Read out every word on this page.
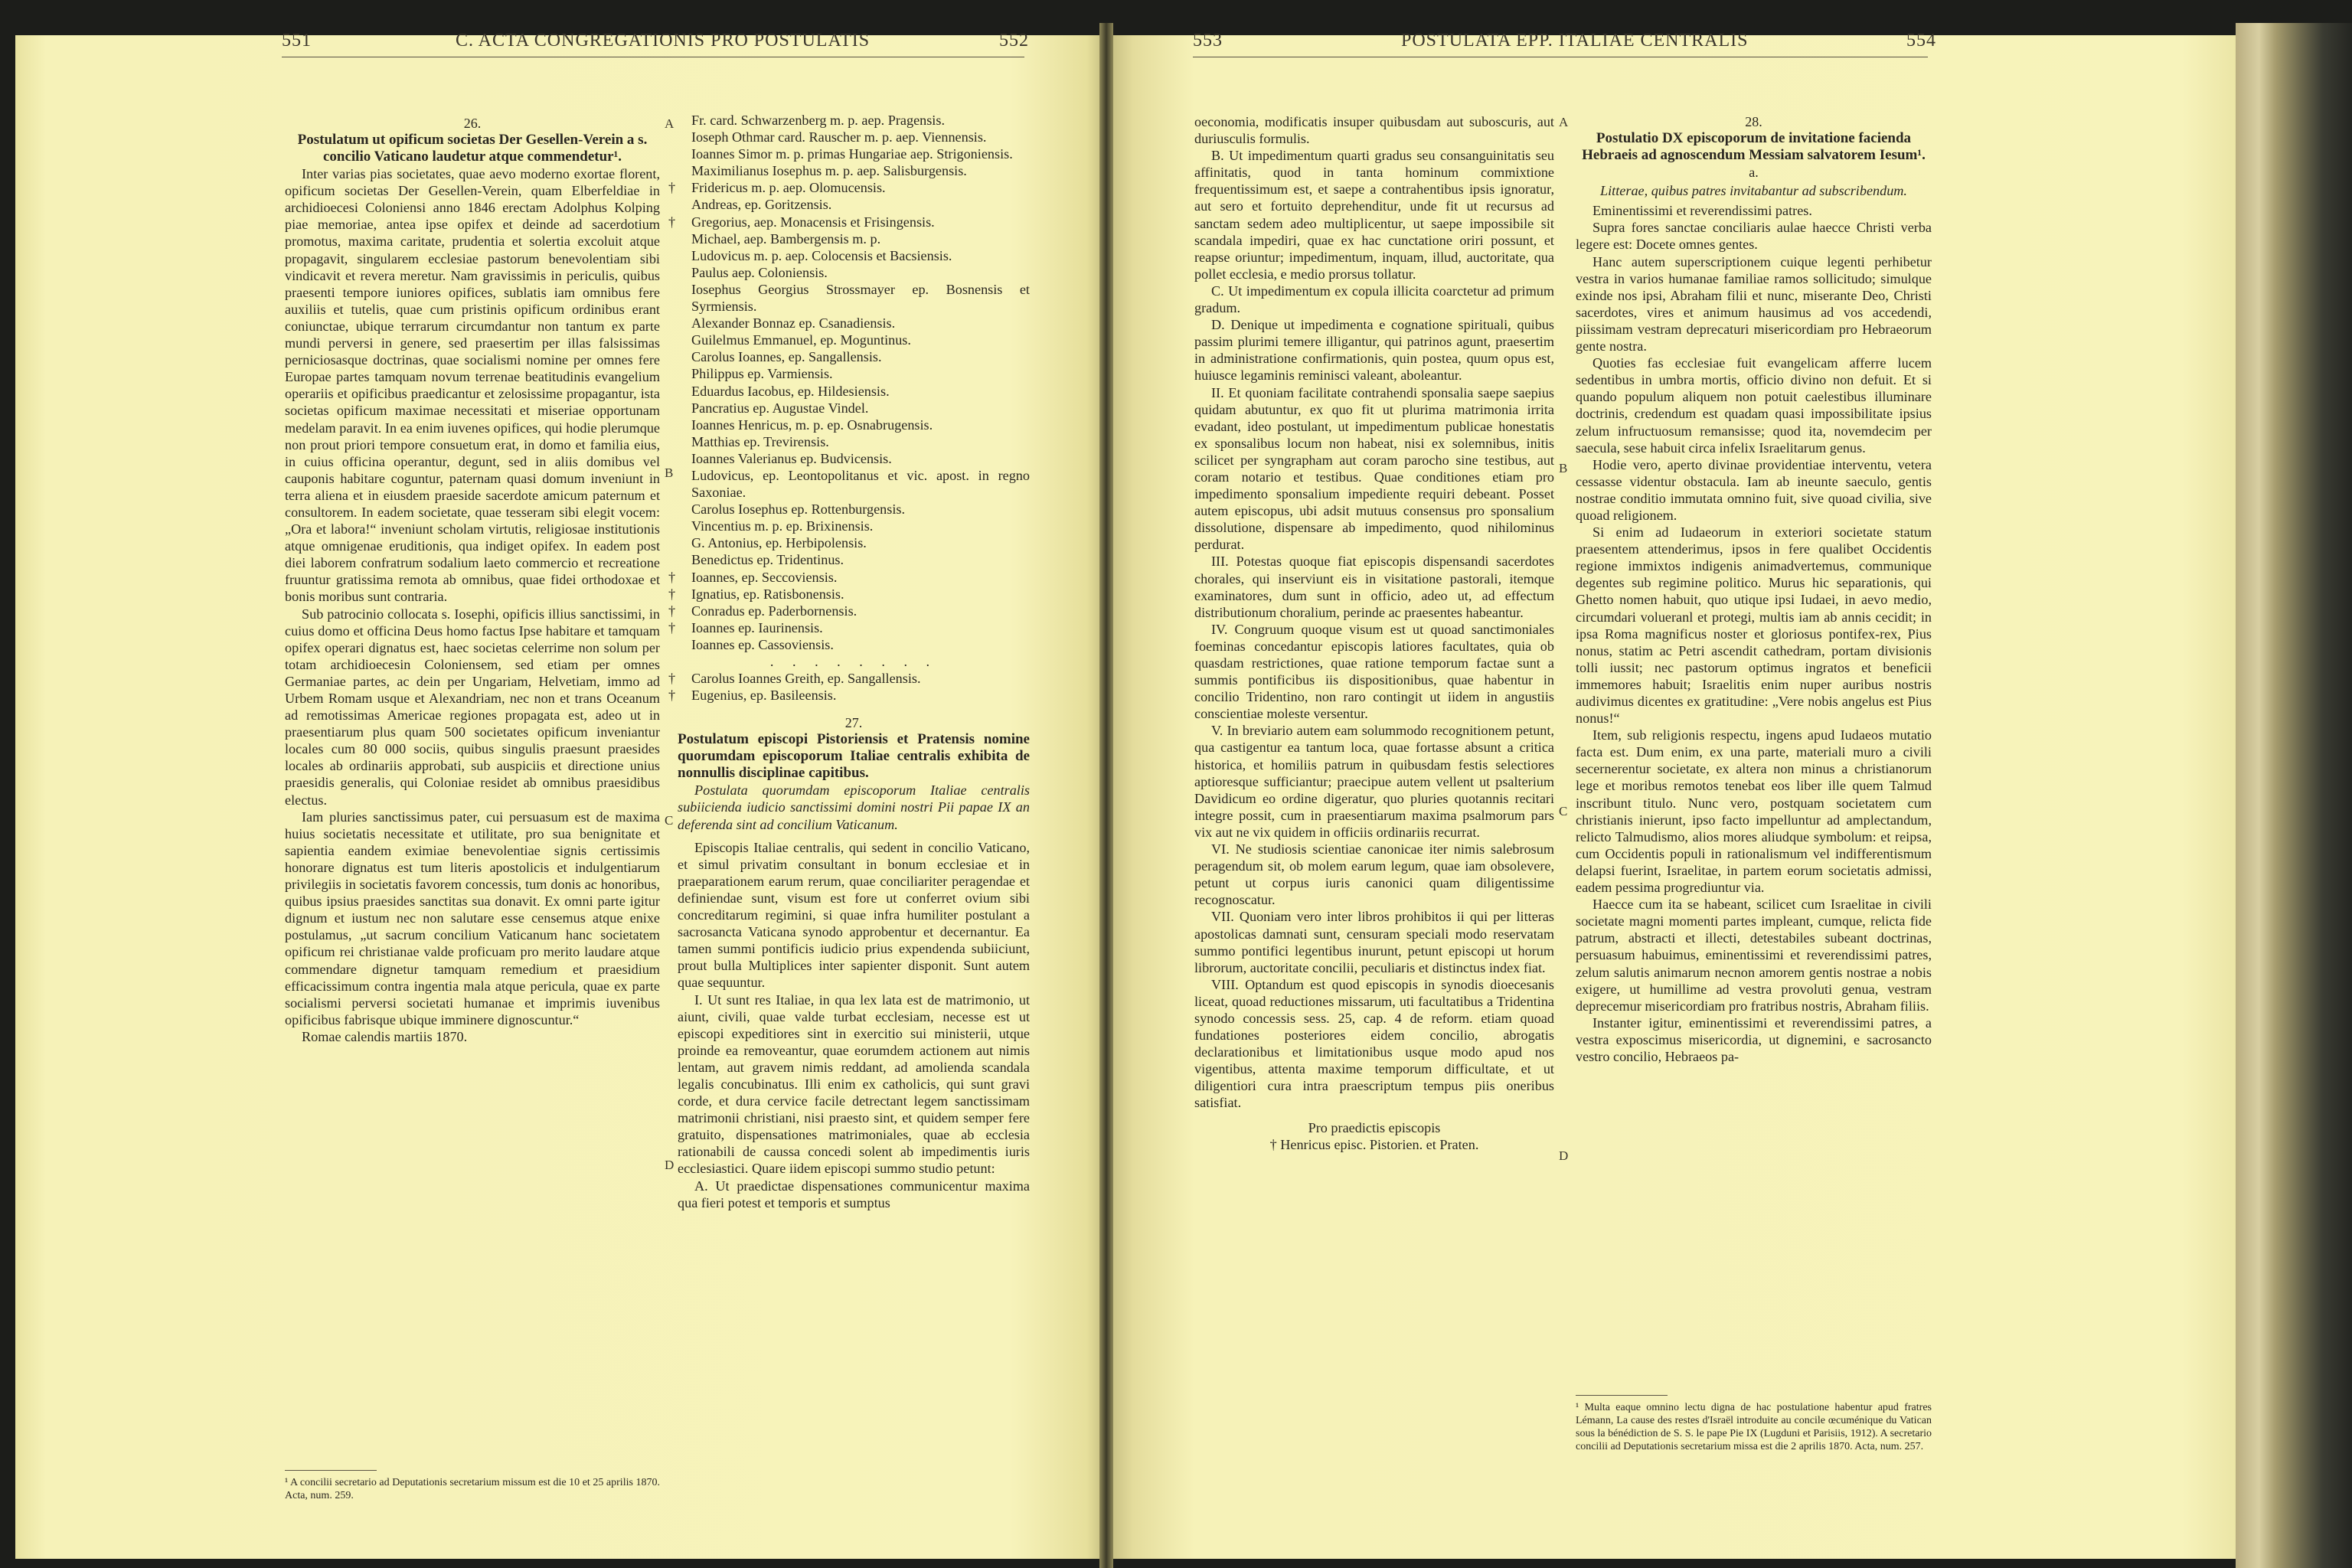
551	C. ACTA CONGREGATIONIS PRO POSTULATIS	552

26.

Postulatum ut opificum societas Der Gesellen-Verein a s. concilio Vaticano laudetur atque commendetur¹.

Inter varias pias societates, quae aevo moderno exortae florent, opificum societas Der Gesellen-Verein, quam Elberfeldiae in archidioecesi Coloniensi anno 1846 erectam Adolphus Kolping piae memoriae, antea ipse opifex et deinde ad sacerdotium promotus, maxima caritate, prudentia et solertia excoluit atque propagavit, singularem ecclesiae pastorum benevolentiam sibi vindicavit et revera meretur. Nam gravissimis in periculis, quibus praesenti tempore iuniores opifices, sublatis iam omnibus fere auxiliis et tutelis, quae cum pristinis opificum ordinibus erant coniunctae, ubique terrarum circumdantur non tantum ex parte mundi perversi in genere, sed praesertim per illas falsissimas perniciosasque doctrinas, quae socialismi nomine per omnes fere Europae partes tamquam novum terrenae beatitudinis evangelium operariis et opificibus praedicantur et zelosissime propagantur, ista societas opificum maximae necessitati et miseriae opportunam medelam paravit. In ea enim iuvenes opifices, qui hodie plerumque non prout priori tempore consuetum erat, in domo et familia eius, in cuius officina operantur, degunt, sed in aliis domibus vel cauponis habitare coguntur, paternam quasi domum inveniunt in terra aliena et in eiusdem praeside sacerdote amicum paternum et consultorem. In eadem societate, quae tesseram sibi elegit vocem: „Ora et labora!“ inveniunt scholam virtutis, religiosae institutionis atque omnigenae eruditionis, qua indiget opifex. In eadem post diei laborem confratrum sodalium laeto commercio et recreatione fruuntur gratissima remota ab omnibus, quae fidei orthodoxae et bonis moribus sunt contraria.

Sub patrocinio collocata s. Iosephi, opificis illius sanctissimi, in cuius domo et officina Deus homo factus Ipse habitare et tamquam opifex operari dignatus est, haec societas celerrime non solum per totam archidioecesin Coloniensem, sed etiam per omnes Germaniae partes, ac dein per Ungariam, Helvetiam, immo ad Urbem Romam usque et Alexandriam, nec non et trans Oceanum ad remotissimas Americae regiones propagata est, adeo ut in praesentiarum plus quam 500 societates opificum inveniantur locales cum 80 000 sociis, quibus singulis praesunt praesides locales ab ordinariis approbati, sub auspiciis et directione unius praesidis generalis, qui Coloniae residet ab omnibus praesidibus electus.

Iam pluries sanctissimus pater, cui persuasum est de maxima huius societatis necessitate et utilitate, pro sua benignitate et sapientia eandem eximiae benevolentiae signis certissimis honorare dignatus est tum literis apostolicis et indulgentiarum privilegiis in societatis favorem concessis, tum donis ac honoribus, quibus ipsius praesides sanctitas sua donavit. Ex omni parte igitur dignum et iustum nec non salutare esse censemus atque enixe postulamus, „ut sacrum concilium Vaticanum hanc societatem opificum rei christianae valde proficuam pro merito laudare atque commendare dignetur tamquam remedium et praesidium efficacissimum contra ingentia mala atque pericula, quae ex parte socialismi perversi societati humanae et imprimis iuvenibus opificibus fabrisque ubique imminere dignoscuntur.“

Romae calendis martiis 1870.

¹ A concilii secretario ad Deputationis secretarium missum est die 10 et 25 aprilis 1870. Acta, num. 259.

Fr. card. Schwarzenberg m. p. aep. Pragensis.

Ioseph Othmar card. Rauscher m. p. aep. Viennensis.

Ioannes Simor m. p. primas Hungariae aep. Strigoniensis.

Maximilianus Iosephus m. p. aep. Salisburgensis.

† Fridericus m. p. aep. Olomucensis.

Andreas, ep. Goritzensis.

† Gregorius, aep. Monacensis et Frisingensis.

Michael, aep. Bambergensis m. p.

Ludovicus m. p. aep. Colocensis et Bacsiensis.

Paulus aep. Coloniensis.

Iosephus Georgius Strossmayer ep. Bosnensis et Syrmiensis.

Alexander Bonnaz ep. Csanadiensis.

Guilelmus Emmanuel, ep. Moguntinus.

Carolus Ioannes, ep. Sangallensis.

Philippus ep. Varmiensis.

Eduardus Iacobus, ep. Hildesiensis.

Pancratius ep. Augustae Vindel.

Ioannes Henricus, m. p. ep. Osnabrugensis.

Matthias ep. Trevirensis.

Ioannes Valerianus ep. Budvicensis.

Ludovicus, ep. Leontopolitanus et vic. apost. in regno Saxoniae.

Carolus Iosephus ep. Rottenburgensis.

Vincentius m. p. ep. Brixinensis.

G. Antonius, ep. Herbipolensis.

Benedictus ep. Tridentinus.

† Ioannes, ep. Seccoviensis.

† Ignatius, ep. Ratisbonensis.

† Conradus ep. Paderbornensis.

† Ioannes ep. Iaurinensis.

Ioannes ep. Cassoviensis.

. . . . . . . .

† Carolus Ioannes Greith, ep. Sangallensis.

† Eugenius, ep. Basileensis.

27.

Postulatum episcopi Pistoriensis et Pratensis nomine quorumdam episcoporum Italiae centralis exhibita de nonnullis disciplinae capitibus.

Postulata quorumdam episcoporum Italiae centralis subiicienda iudicio sanctissimi domini nostri Pii papae IX an deferenda sint ad concilium Vaticanum.

Episcopis Italiae centralis, qui sedent in concilio Vaticano, et simul privatim consultant in bonum ecclesiae et in praeparationem earum rerum, quae conciliariter peragendae et definiendae sunt, visum est fore ut conferret ovium sibi concreditarum regimini, si quae infra humiliter postulant a sacrosancta Vaticana synodo approbentur et decernantur. Ea tamen summi pontificis iudicio prius expendenda subiiciunt, prout bulla Multiplices inter sapienter disponit. Sunt autem quae sequuntur.

I. Ut sunt res Italiae, in qua lex lata est de matrimonio, ut aiunt, civili, quae valde turbat ecclesiam, necesse est ut episcopi expeditiores sint in exercitio sui ministerii, utque proinde ea removeantur, quae eorumdem actionem aut nimis lentam, aut gravem nimis reddant, ad amolienda scandala legalis concubinatus. Illi enim ex catholicis, qui sunt gravi corde, et dura cervice facile detrectant legem sanctissimam matrimonii christiani, nisi praesto sint, et quidem semper fere gratuito, dispensationes matrimoniales, quae ab ecclesia rationabili de caussa concedi solent ab impedimentis iuris ecclesiastici. Quare iidem episcopi summo studio petunt:

A. Ut praedictae dispensationes communicentur maxima qua fieri potest et temporis et sumptus

A
B
C
D
553	POSTULATA EPP. ITALIAE CENTRALIS	554

oeconomia, modificatis insuper quibusdam aut suboscuris, aut duriusculis formulis.

B. Ut impedimentum quarti gradus seu consanguinitatis seu affinitatis, quod in tanta hominum commixtione frequentissimum est, et saepe a contrahentibus ipsis ignoratur, aut sero et fortuito deprehenditur, unde fit ut recursus ad sanctam sedem adeo multiplicentur, ut saepe impossibile sit scandala impediri, quae ex hac cunctatione oriri possunt, et reapse oriuntur; impedimentum, inquam, illud, auctoritate, qua pollet ecclesia, e medio prorsus tollatur.

C. Ut impedimentum ex copula illicita coarctetur ad primum gradum.

D. Denique ut impedimenta e cognatione spirituali, quibus passim plurimi temere illigantur, qui patrinos agunt, praesertim in administratione confirmationis, quin postea, quum opus est, huiusce legaminis reminisci valeant, aboleantur.

II. Et quoniam facilitate contrahendi sponsalia saepe saepius quidam abutuntur, ex quo fit ut plurima matrimonia irrita evadant, ideo postulant, ut impedimentum publicae honestatis ex sponsalibus locum non habeat, nisi ex solemnibus, initis scilicet per syngrapham aut coram parocho sine testibus, aut coram notario et testibus. Quae conditiones etiam pro impedimento sponsalium impediente requiri debeant. Posset autem episcopus, ubi adsit mutuus consensus pro sponsalium dissolutione, dispensare ab impedimento, quod nihilominus perdurat.

III. Potestas quoque fiat episcopis dispensandi sacerdotes chorales, qui inserviunt eis in visitatione pastorali, itemque examinatores, dum sunt in officio, adeo ut, ad effectum distributionum choralium, perinde ac praesentes habeantur.

IV. Congruum quoque visum est ut quoad sanctimoniales foeminas concedantur episcopis latiores facultates, quia ob quasdam restrictiones, quae ratione temporum factae sunt a summis pontificibus iis dispositionibus, quae habentur in concilio Tridentino, non raro contingit ut iidem in angustiis conscientiae moleste versentur.

V. In breviario autem eam solummodo recognitionem petunt, qua castigentur ea tantum loca, quae fortasse absunt a critica historica, et homiliis patrum in quibusdam festis selectiores aptioresque sufficiantur; praecipue autem vellent ut psalterium Davidicum eo ordine digeratur, quo pluries quotannis recitari integre possit, cum in praesentiarum maxima psalmorum pars vix aut ne vix quidem in officiis ordinariis recurrat.

VI. Ne studiosis scientiae canonicae iter nimis salebrosum peragendum sit, ob molem earum legum, quae iam obsolevere, petunt ut corpus iuris canonici quam diligentissime recognoscatur.

VII. Quoniam vero inter libros prohibitos ii qui per litteras apostolicas damnati sunt, censuram speciali modo reservatam summo pontifici legentibus inurunt, petunt episcopi ut horum librorum, auctoritate concilii, peculiaris et distinctus index fiat.

VIII. Optandum est quod episcopis in synodis dioecesanis liceat, quoad reductiones missarum, uti facultatibus a Tridentina synodo concessis sess. 25, cap. 4 de reform. etiam quoad fundationes posteriores eidem concilio, abrogatis declarationibus et limitationibus usque modo apud nos vigentibus, attenta maxime temporum difficultate, et ut diligentiori cura intra praescriptum tempus piis oneribus satisfiat.

Pro praedictis episcopis

† Henricus episc. Pistorien. et Praten.

A
B
C
D

28.

Postulatio DX episcoporum de invitatione facienda Hebraeis ad agnoscendum Messiam salvatorem Iesum¹.

a.

Litterae, quibus patres invitabantur ad subscribendum.

Eminentissimi et reverendissimi patres.

Supra fores sanctae conciliaris aulae haecce Christi verba legere est: Docete omnes gentes.

Hanc autem superscriptionem cuique legenti perhibetur vestra in varios humanae familiae ramos sollicitudo; simulque exinde nos ipsi, Abraham filii et nunc, miserante Deo, Christi sacerdotes, vires et animum hausimus ad vos accedendi, piissimam vestram deprecaturi misericordiam pro Hebraeorum gente nostra.

Quoties fas ecclesiae fuit evangelicam afferre lucem sedentibus in umbra mortis, officio divino non defuit. Et si quando populum aliquem non potuit caelestibus illuminare doctrinis, credendum est quadam quasi impossibilitate ipsius zelum infructuosum remansisse; quod ita, novemdecim per saecula, sese habuit circa infelix Israelitarum genus.

Hodie vero, aperto divinae providentiae interventu, vetera cessasse videntur obstacula. Iam ab ineunte saeculo, gentis nostrae conditio immutata omnino fuit, sive quoad civilia, sive quoad religionem.

Si enim ad Iudaeorum in exteriori societate statum praesentem attenderimus, ipsos in fere qualibet Occidentis regione immixtos indigenis animadvertemus, communique degentes sub regimine politico. Murus hic separationis, qui Ghetto nomen habuit, quo utique ipsi Iudaei, in aevo medio, circumdari volueranl et protegi, multis iam ab annis cecidit; in ipsa Roma magnificus noster et gloriosus pontifex-rex, Pius nonus, statim ac Petri ascendit cathedram, portam divisionis tolli iussit; nec pastorum optimus ingratos et beneficii immemores habuit; Israelitis enim nuper auribus nostris audivimus dicentes ex gratitudine: „Vere nobis angelus est Pius nonus!“

Item, sub religionis respectu, ingens apud Iudaeos mutatio facta est. Dum enim, ex una parte, materiali muro a civili secernerentur societate, ex altera non minus a christianorum lege et moribus remotos tenebat eos liber ille quem Talmud inscribunt titulo. Nunc vero, postquam societatem cum christianis inierunt, ipso facto impelluntur ad amplectandum, relicto Talmudismo, alios mores aliudque symbolum: et reipsa, cum Occidentis populi in rationalismum vel indifferentismum delapsi fuerint, Israelitae, in partem eorum societatis admissi, eadem pessima progrediuntur via.

Haecce cum ita se habeant, scilicet cum Israelitae in civili societate magni momenti partes impleant, cumque, relicta fide patrum, abstracti et illecti, detestabiles subeant doctrinas, persuasum habuimus, eminentissimi et reverendissimi patres, zelum salutis animarum necnon amorem gentis nostrae a nobis exigere, ut humillime ad vestra provoluti genua, vestram deprecemur misericordiam pro fratribus nostris, Abraham filiis.

Instanter igitur, eminentissimi et reverendissimi patres, a vestra exposcimus misericordia, ut dignemini, e sacrosancto vestro concilio, Hebraeos pa-

¹ Multa eaque omnino lectu digna de hac postulatione habentur apud fratres Lémann, La cause des restes d'Israël introduite au concile œcuménique du Vatican sous la bénédiction de S. S. le pape Pie IX (Lugduni et Parisiis, 1912). A secretario concilii ad Deputationis secretarium missa est die 2 aprilis 1870. Acta, num. 257.
